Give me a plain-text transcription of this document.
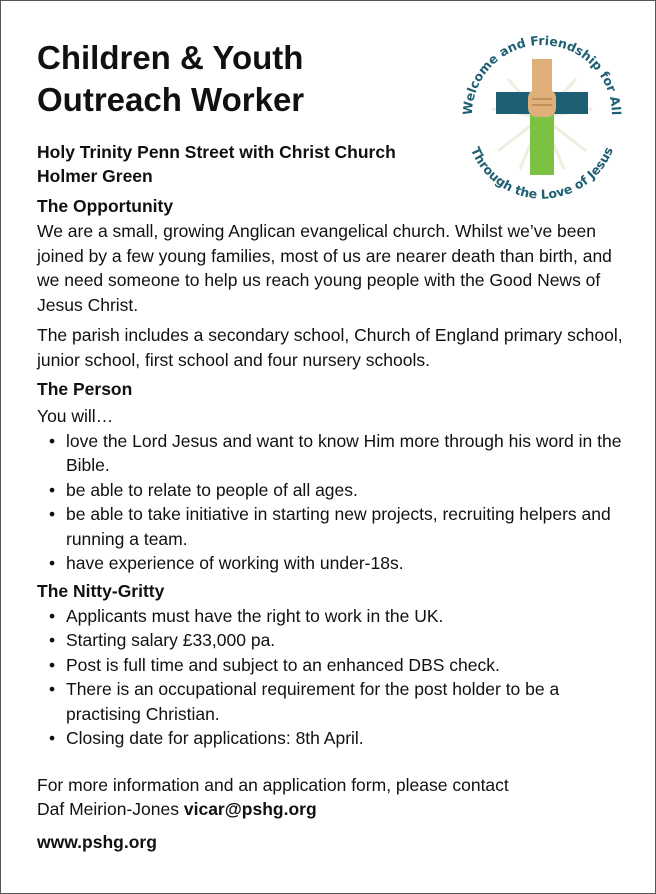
Children & Youth
Outreach Worker
Holy Trinity Penn Street with Christ Church
Holmer Green
Welcome and Friendship for All
Through the Love of Jesus
The Opportunity

We are a small, growing Anglican evangelical church. Whilst we’ve been joined by a few young families, most of us are nearer death than birth, and we need someone to help us reach young people with the Good News of Jesus Christ.

The parish includes a secondary school, Church of England primary school, junior school, first school and four nursery schools.

The Person

You will…

• love the Lord Jesus and want to know Him more through his word in the Bible.
• be able to relate to people of all ages.
• be able to take initiative in starting new projects, recruiting helpers and running a team.
• have experience of working with under-18s.
The Nitty-Gritty
• Applicants must have the right to work in the UK.
• Starting salary £33,000 pa.
• Post is full time and subject to an enhanced DBS check.
• There is an occupational requirement for the post holder to be a practising Christian.
• Closing date for applications: 8th April.

For more information and an application form, please contact
Daf Meirion-Jones vicar@pshg.org

www.pshg.org
